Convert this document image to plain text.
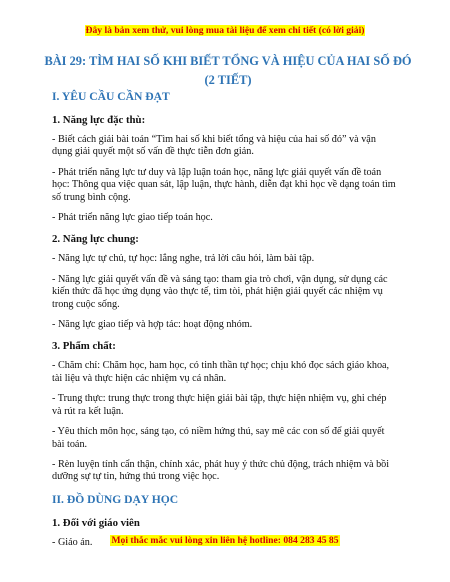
Đây là bản xem thử, vui lòng mua tài liệu để xem chi tiết (có lời giải)
BÀI 29: TÌM HAI SỐ KHI BIẾT TỔNG VÀ HIỆU CỦA HAI SỐ ĐÓ (2 TIẾT)
I. YÊU CẦU CẦN ĐẠT
1. Năng lực đặc thù:

- Biết cách giải bài toán “Tìm hai số khi biết tổng và hiệu của hai số đó” và vận dụng giải quyết một số vấn đề thực tiễn đơn giản.

- Phát triển năng lực tư duy và lập luận toán học, năng lực giải quyết vấn đề toán học: Thông qua việc quan sát, lập luận, thực hành, diễn đạt khi học về dạng toán tìm số trung bình cộng.

- Phát triển năng lực giao tiếp toán học.

2. Năng lực chung:

- Năng lực tự chủ, tự học: lắng nghe, trả lời câu hỏi, làm bài tập.

- Năng lực giải quyết vấn đề và sáng tạo: tham gia trò chơi, vận dụng, sử dụng các kiến thức đã học ứng dụng vào thực tế, tìm tòi, phát hiện giải quyết các nhiệm vụ trong cuộc sống.

- Năng lực giao tiếp và hợp tác: hoạt động nhóm.

3. Phẩm chất:

- Chăm chỉ: Chăm học, ham học, có tinh thần tự học; chịu khó đọc sách giáo khoa, tài liệu và thực hiện các nhiệm vụ cá nhân.

- Trung thực: trung thực trong thực hiện giải bài tập, thực hiện nhiệm vụ, ghi chép và rút ra kết luận.

- Yêu thích môn học, sáng tạo, có niềm hứng thú, say mê các con số để giải quyết bài toán.

- Rèn luyện tính cẩn thận, chính xác, phát huy ý thức chủ động, trách nhiệm và bồi dưỡng sự tự tin, hứng thú trong việc học.

II. ĐỒ DÙNG DẠY HỌC
1. Đối với giáo viên

- Giáo án.	Mọi thắc mắc vui lòng xin liên hệ hotline: 084 283 45 85
